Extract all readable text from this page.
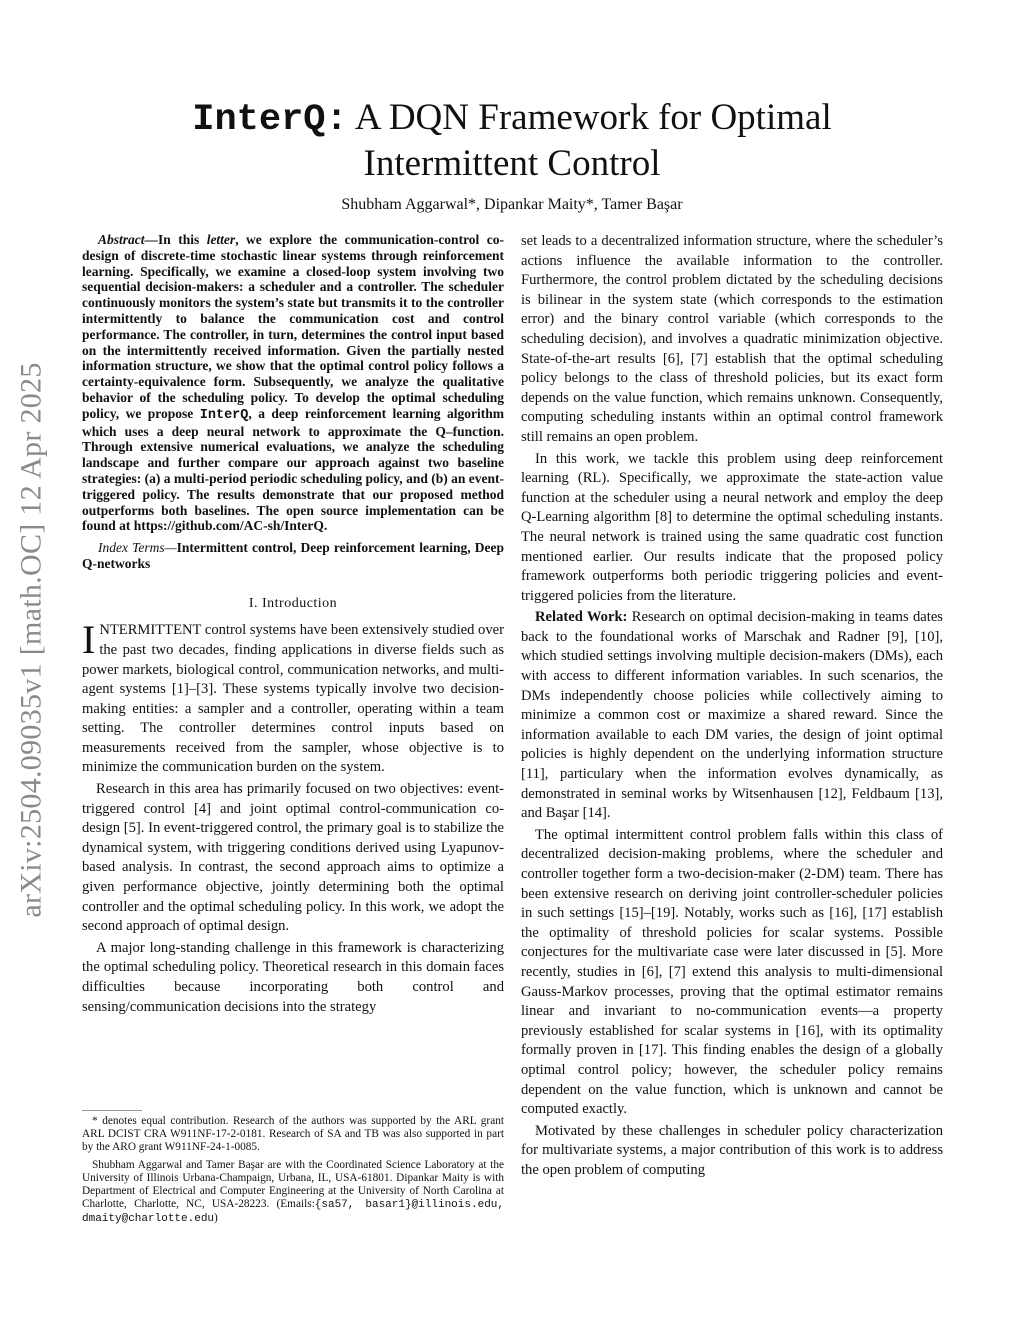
arXiv:2504.09035v1 [math.OC] 12 Apr 2025
InterQ: A DQN Framework for Optimal
Intermittent Control
Shubham Aggarwal*, Dipankar Maity*, Tamer Başar

Abstract—In this letter, we explore the communication-control co-design of discrete-time stochastic linear systems through reinforcement learning. Specifically, we examine a closed-loop system involving two sequential decision-makers: a scheduler and a controller. The scheduler continuously monitors the system’s state but transmits it to the controller intermittently to balance the communication cost and control performance. The controller, in turn, determines the control input based on the intermittently received information. Given the partially nested information structure, we show that the optimal control policy follows a certainty-equivalence form. Subsequently, we analyze the qualitative behavior of the scheduling policy. To develop the optimal scheduling policy, we propose InterQ, a deep reinforcement learning algorithm which uses a deep neural network to approximate the Q–function. Through extensive numerical evaluations, we analyze the scheduling landscape and further compare our approach against two baseline strategies: (a) a multi-period periodic scheduling policy, and (b) an event-triggered policy. The results demonstrate that our proposed method outperforms both baselines. The open source implementation can be found at https://github.com/AC-sh/InterQ.

Index Terms—Intermittent control, Deep reinforcement learning, Deep Q-networks

I. Introduction

INTERMITTENT control systems have been extensively studied over the past two decades, finding applications in diverse fields such as power markets, biological control, communication networks, and multi-agent systems [1]–[3]. These systems typically involve two decision-making entities: a sampler and a controller, operating within a team setting. The controller determines control inputs based on measurements received from the sampler, whose objective is to minimize the communication burden on the system.

Research in this area has primarily focused on two objectives: event-triggered control [4] and joint optimal control-communication co-design [5]. In event-triggered control, the primary goal is to stabilize the dynamical system, with triggering conditions derived using Lyapunov-based analysis. In contrast, the second approach aims to optimize a given performance objective, jointly determining both the optimal controller and the optimal scheduling policy. In this work, we adopt the second approach of optimal design.

A major long-standing challenge in this framework is characterizing the optimal scheduling policy. Theoretical research in this domain faces difficulties because incorporating both control and sensing/communication decisions into the strategy

* denotes equal contribution. Research of the authors was supported by the ARL grant ARL DCIST CRA W911NF-17-2-0181. Research of SA and TB was also supported in part by the ARO grant W911NF-24-1-0085.

Shubham Aggarwal and Tamer Başar are with the Coordinated Science Laboratory at the University of Illinois Urbana-Champaign, Urbana, IL, USA-61801. Dipankar Maity is with Department of Electrical and Computer Engineering at the University of North Carolina at Charlotte, Charlotte, NC, USA-28223. (Emails:{sa57, basar1}@illinois.edu, dmaity@charlotte.edu)

set leads to a decentralized information structure, where the scheduler’s actions influence the available information to the controller. Furthermore, the control problem dictated by the scheduling decisions is bilinear in the system state (which corresponds to the estimation error) and the binary control variable (which corresponds to the scheduling decision), and involves a quadratic minimization objective. State-of-the-art results [6], [7] establish that the optimal scheduling policy belongs to the class of threshold policies, but its exact form depends on the value function, which remains unknown. Consequently, computing scheduling instants within an optimal control framework still remains an open problem.

In this work, we tackle this problem using deep reinforcement learning (RL). Specifically, we approximate the state-action value function at the scheduler using a neural network and employ the deep Q-Learning algorithm [8] to determine the optimal scheduling instants. The neural network is trained using the same quadratic cost function mentioned earlier. Our results indicate that the proposed policy framework outperforms both periodic triggering policies and event-triggered policies from the literature.

Related Work: Research on optimal decision-making in teams dates back to the foundational works of Marschak and Radner [9], [10], which studied settings involving multiple decision-makers (DMs), each with access to different information variables. In such scenarios, the DMs independently choose policies while collectively aiming to minimize a common cost or maximize a shared reward. Since the information available to each DM varies, the design of joint optimal policies is highly dependent on the underlying information structure [11], particulary when the information evolves dynamically, as demonstrated in seminal works by Witsenhausen [12], Feldbaum [13], and Başar [14].

The optimal intermittent control problem falls within this class of decentralized decision-making problems, where the scheduler and controller together form a two-decision-maker (2-DM) team. There has been extensive research on deriving joint controller-scheduler policies in such settings [15]–[19]. Notably, works such as [16], [17] establish the optimality of threshold policies for scalar systems. Possible conjectures for the multivariate case were later discussed in [5]. More recently, studies in [6], [7] extend this analysis to multi-dimensional Gauss-Markov processes, proving that the optimal estimator remains linear and invariant to no-communication events—a property previously established for scalar systems in [16], with its optimality formally proven in [17]. This finding enables the design of a globally optimal control policy; however, the scheduler policy remains dependent on the value function, which is unknown and cannot be computed exactly.

Motivated by these challenges in scheduler policy characterization for multivariate systems, a major contribution of this work is to address the open problem of computing
